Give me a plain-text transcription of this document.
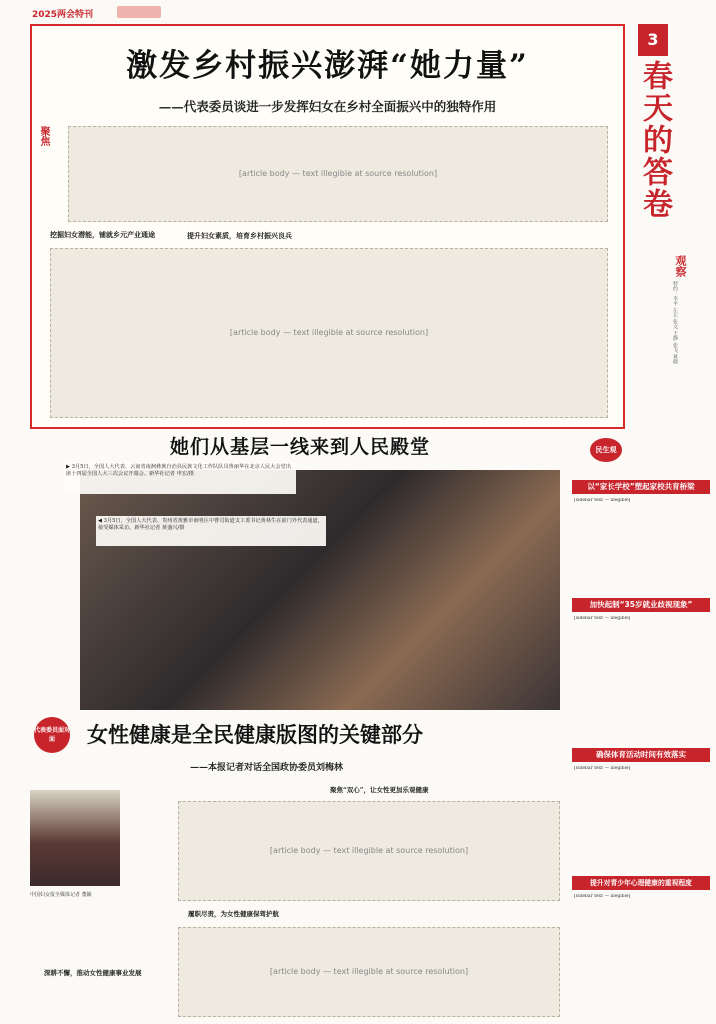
2025两会特刊
3
激发乡村振兴澎湃“她力量”
——代表委员谈进一步发挥妇女在乡村全面振兴中的独特作用
聚焦
挖掘妇女潜能，铺就乡元产业通途	提升妇女素质，培育乡村振兴良兵
[article body — text illegible at source resolution]
[article body — text illegible at source resolution]
春天的答卷
观察
特约：李平 左左 张文 王静 张飞 黄晓
她们从基层一线来到人民殿堂
▶ 3月5日，全国人大代表、云南省南涧彝族自治县民族文化工作队队员鲁丽华在北京人民大会堂出席十四届全国人大三次会议开幕会。新华社记者 申宏/摄
◀ 3月5日，全国人大代表、贵州省黄雅市南明区中曹司街道支工委书记黄林生在前门外代表通道，接受媒体采访。新华社记者 黄盛兴/摄
代表委员面对面	女性健康是全民健康版图的关键部分
——本报记者对话全国政协委员刘梅林
中国妇女报全媒体记者 董颖
深耕不懈，推动女性健康事业发展
履职尽责，为女性健康保驾护航
聚焦“双心”，让女性更加乐观健康
[article body — text illegible at source resolution]
[article body — text illegible at source resolution]
民生观
以“家长学校”塑起家校共育桥梁
[sidebar text — illegible]
加快起制“35岁就业歧视现象”
[sidebar text — illegible]
确保体育活动时间有效落实
[sidebar text — illegible]
提升对青少年心理健康的重视程度
[sidebar text — illegible]
